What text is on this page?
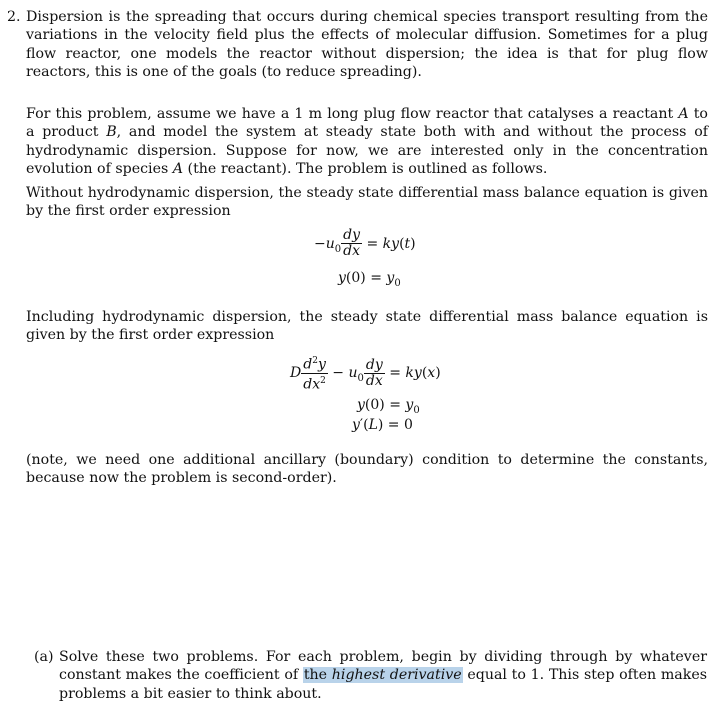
2. Dispersion is the spreading that occurs during chemical species transport resulting from the variations in the velocity field plus the effects of molecular diffusion. Sometimes for a plug flow reactor, one models the reactor without dispersion; the idea is that for plug flow reactors, this is one of the goals (to reduce spreading).
For this problem, assume we have a 1 m long plug flow reactor that catalyses a reactant A to a product B, and model the system at steady state both with and without the process of hydrodynamic dispersion. Suppose for now, we are interested only in the concentration evolution of species A (the reactant). The problem is outlined as follows.
Without hydrodynamic dispersion, the steady state differential mass balance equation is given by the first order expression
$-u_0 \frac{dy}{dx} = ky(t)$
$y(0) = y_0$
Including hydrodynamic dispersion, the steady state differential mass balance equation is given by the first order expression
D $\frac{d^2y}{dx^2} - u_0 \frac{dy}{dx} = ky(x)$
$y(0) = y_0$
y′(L) = 0
(note, we need one additional ancillary (boundary) condition to determine the constants, because now the problem is second-order).
(a) Solve these two problems. For each problem, begin by dividing through by whatever constant makes the coefficient of the highest derivative equal to 1. This step often makes problems a bit easier to think about.
